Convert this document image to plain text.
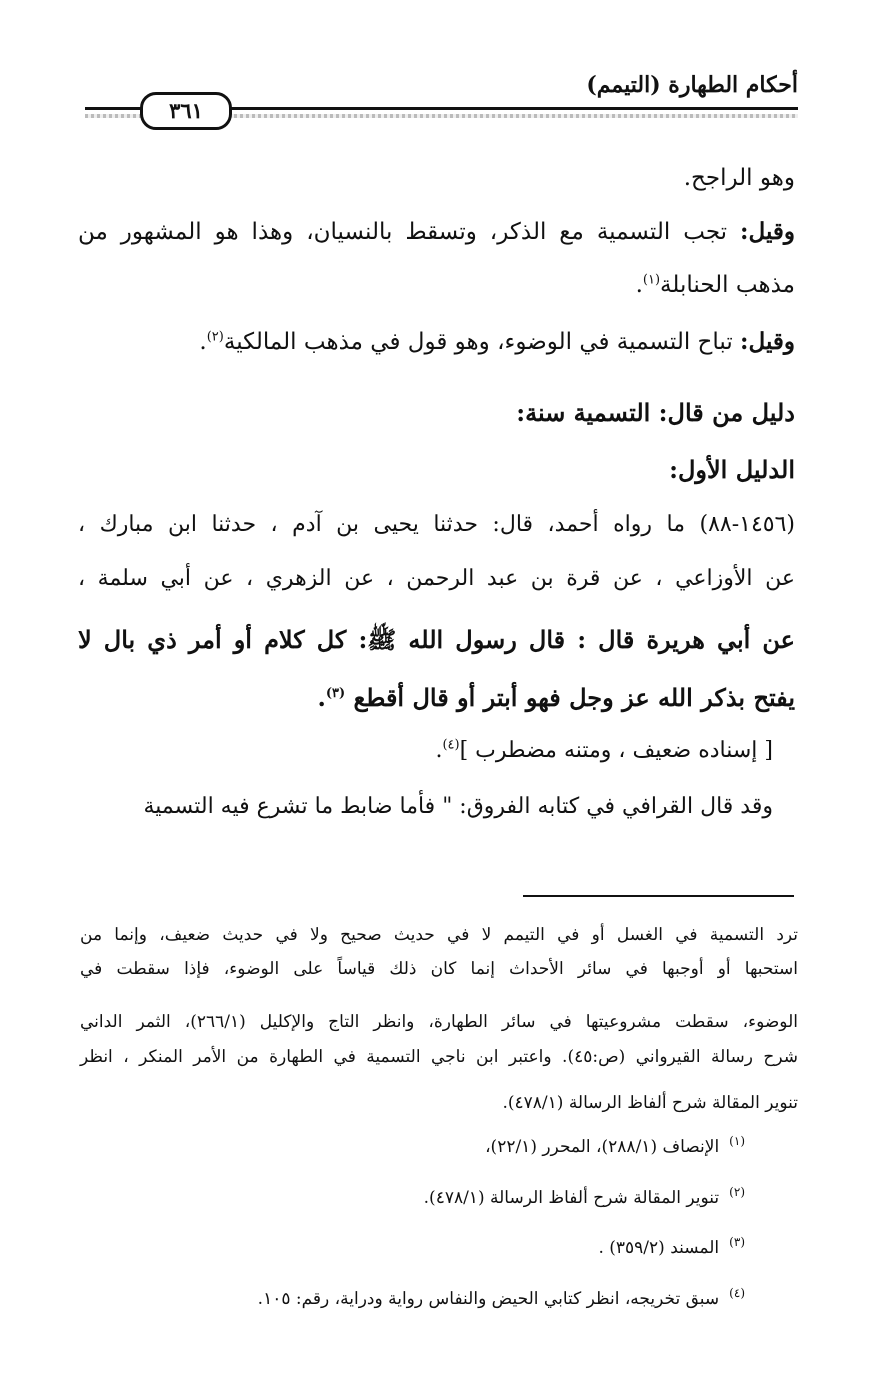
أحكام الطهارة (التيمم)
٣٦١
وهو الراجح.
وقيل: تجب التسمية مع الذكر، وتسقط بالنسيان، وهذا هو المشهور من
مذهب الحنابلة$^{(١)}$.
وقيل: تباح التسمية في الوضوء، وهو قول في مذهب المالكية$^{(٢)}$.
دليل من قال: التسمية سنة:
الدليل الأول:
(١٤٥٦-٨٨) ما رواه أحمد، قال: حدثنا يحيى بن آدم ، حدثنا ابن مبارك ،
عن الأوزاعي ، عن قرة بن عبد الرحمن ، عن الزهري ، عن أبي سلمة ،
عن أبي هريرة قال : قال رسول الله ﷺ: كل كلام أو أمر ذي بال لا
يفتح بذكر الله عز وجل فهو أبتر أو قال أقطع $^{(٣)}$.
[ إسناده ضعيف ، ومتنه مضطرب ]$^{(٤)}$.
وقد قال القرافي في كتابه الفروق: " فأما ضابط ما تشرع فيه التسمية
ترد التسمية في الغسل أو في التيمم لا في حديث صحيح ولا في حديث ضعيف، وإنما من
استحبها أو أوجبها في سائر الأحداث إنما كان ذلك قياساً على الوضوء، فإذا سقطت في
الوضوء، سقطت مشروعيتها في سائر الطهارة، وانظر التاج والإكليل (٢٦٦/١)، الثمر الداني
شرح رسالة القيرواني (ص:٤٥). واعتبر ابن ناجي التسمية في الطهارة من الأمر المنكر ، انظر
تنوير المقالة شرح ألفاظ الرسالة (٤٧٨/١).
$^{(١)}$الإنصاف (٢٨٨/١)، المحرر (٢٢/١)،
$^{(٢)}$تنوير المقالة شرح ألفاظ الرسالة (٤٧٨/١).
$^{(٣)}$المسند (٣٥٩/٢) .
$^{(٤)}$سبق تخريجه، انظر كتابي الحيض والنفاس رواية ودراية، رقم: ١٠٥.
